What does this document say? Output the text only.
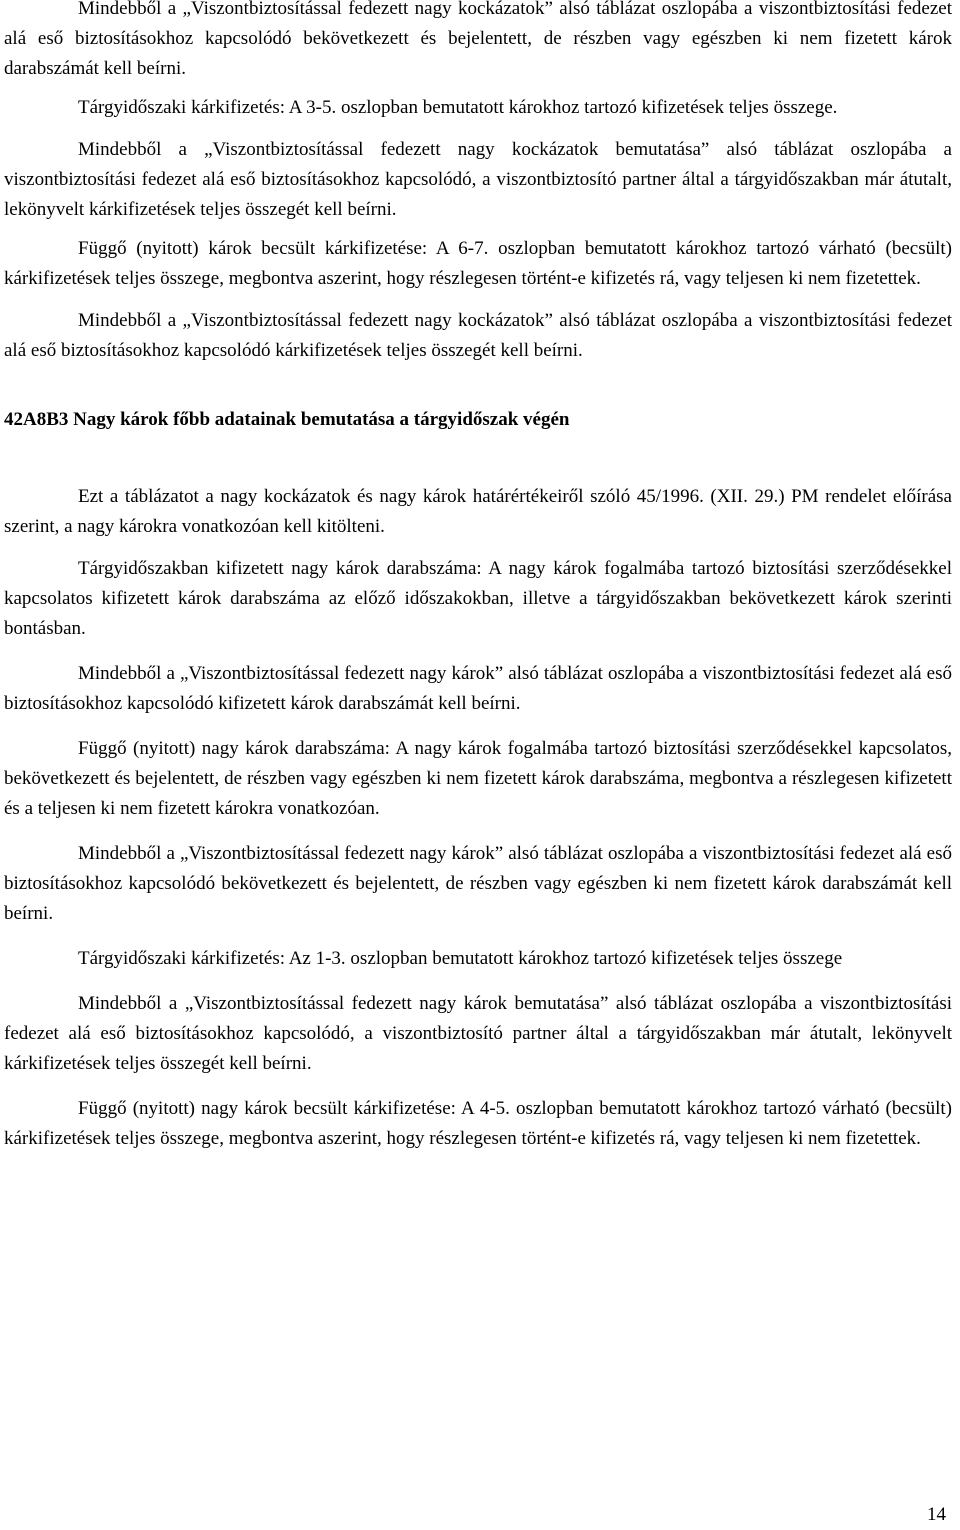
Mindebből a „Viszontbiztosítással fedezett nagy kockázatok” alsó táblázat oszlopába a viszontbiztosítási fedezet alá eső biztosításokhoz kapcsolódó bekövetkezett és bejelentett, de részben vagy egészben ki nem fizetett károk darabszámát kell beírni.

Tárgyidőszaki kárkifizetés: A 3-5. oszlopban bemutatott károkhoz tartozó kifizetések teljes összege.

Mindebből a „Viszontbiztosítással fedezett nagy kockázatok bemutatása” alsó táblázat oszlopába a viszontbiztosítási fedezet alá eső biztosításokhoz kapcsolódó, a viszontbiztosító partner által a tárgyidőszakban már átutalt, lekönyvelt kárkifizetések teljes összegét kell beírni.

Függő (nyitott) károk becsült kárkifizetése: A 6-7. oszlopban bemutatott károkhoz tartozó várható (becsült) kárkifizetések teljes összege, megbontva aszerint, hogy részlegesen történt-e kifizetés rá, vagy teljesen ki nem fizetettek.

Mindebből a „Viszontbiztosítással fedezett nagy kockázatok” alsó táblázat oszlopába a viszontbiztosítási fedezet alá eső biztosításokhoz kapcsolódó kárkifizetések teljes összegét kell beírni.

42A8B3 Nagy károk főbb adatainak bemutatása a tárgyidőszak végén

Ezt a táblázatot a nagy kockázatok és nagy károk határértékeiről szóló 45/1996. (XII. 29.) PM rendelet előírása szerint, a nagy károkra vonatkozóan kell kitölteni.

Tárgyidőszakban kifizetett nagy károk darabszáma: A nagy károk fogalmába tartozó biztosítási szerződésekkel kapcsolatos kifizetett károk darabszáma az előző időszakokban, illetve a tárgyidőszakban bekövetkezett károk szerinti bontásban.

Mindebből a „Viszontbiztosítással fedezett nagy károk” alsó táblázat oszlopába a viszontbiztosítási fedezet alá eső biztosításokhoz kapcsolódó kifizetett károk darabszámát kell beírni.

Függő (nyitott) nagy károk darabszáma: A nagy károk fogalmába tartozó biztosítási szerződésekkel kapcsolatos, bekövetkezett és bejelentett, de részben vagy egészben ki nem fizetett károk darabszáma, megbontva a részlegesen kifizetett és a teljesen ki nem fizetett károkra vonatkozóan.

Mindebből a „Viszontbiztosítással fedezett nagy károk” alsó táblázat oszlopába a viszontbiztosítási fedezet alá eső biztosításokhoz kapcsolódó bekövetkezett és bejelentett, de részben vagy egészben ki nem fizetett károk darabszámát kell beírni.

Tárgyidőszaki kárkifizetés: Az 1-3. oszlopban bemutatott károkhoz tartozó kifizetések teljes összege

Mindebből a „Viszontbiztosítással fedezett nagy károk bemutatása” alsó táblázat oszlopába a viszontbiztosítási fedezet alá eső biztosításokhoz kapcsolódó, a viszontbiztosító partner által a tárgyidőszakban már átutalt, lekönyvelt kárkifizetések teljes összegét kell beírni.

Függő (nyitott) nagy károk becsült kárkifizetése: A 4-5. oszlopban bemutatott károkhoz tartozó várható (becsült) kárkifizetések teljes összege, megbontva aszerint, hogy részlegesen történt-e kifizetés rá, vagy teljesen ki nem fizetettek.

14
